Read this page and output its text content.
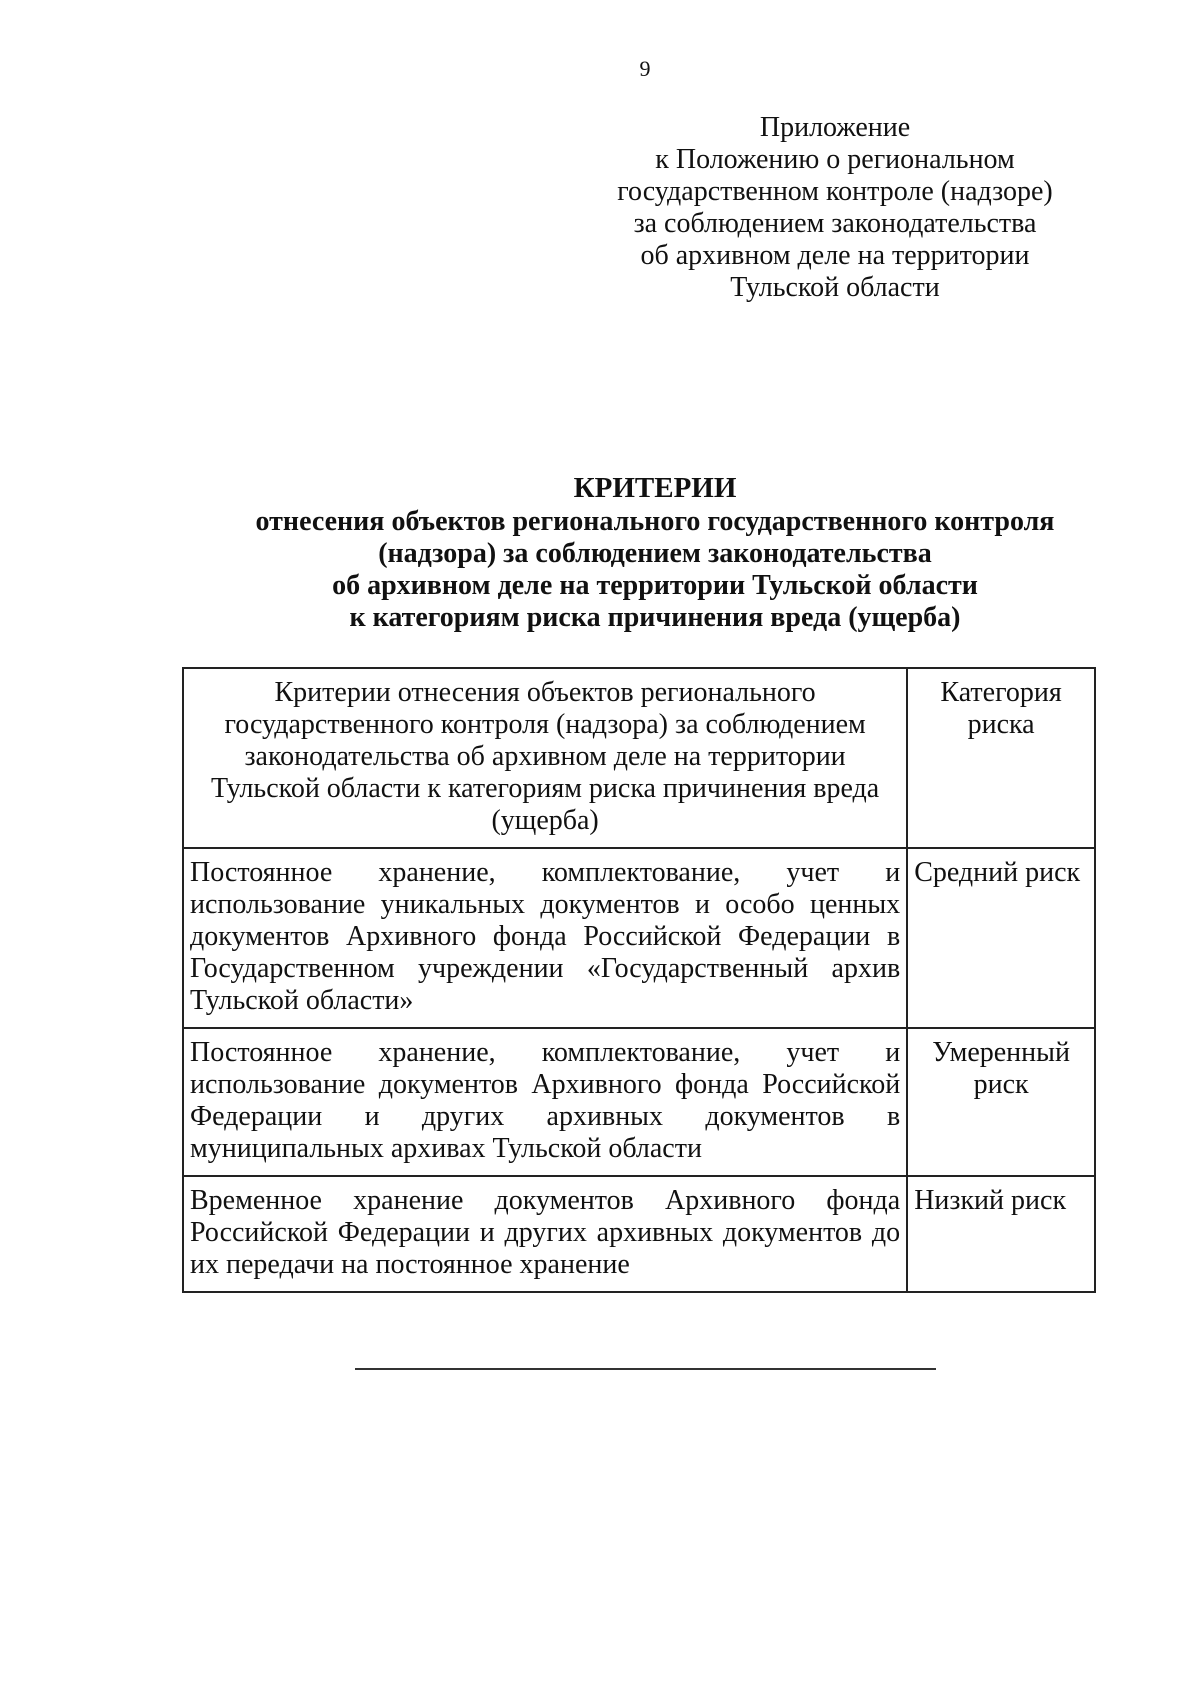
9
Приложение
к Положению о региональном
государственном контроле (надзоре)
за соблюдением законодательства
об архивном деле на территории
Тульской области
КРИТЕРИИ
отнесения объектов регионального государственного контроля
(надзора) за соблюдением законодательства
об архивном деле на территории Тульской области
к категориям риска причинения вреда (ущерба)
Критерии отнесения объектов регионального государственного контроля (надзора) за соблюдением законодательства об архивном деле на территории Тульской области к категориям риска причинения вреда (ущерба)	Категория риска
Постоянное хранение, комплектование, учет и использование уникальных документов и особо ценных документов Архивного фонда Российской Федерации в Государственном учреждении «Государственный архив Тульской области»	Средний риск
Постоянное хранение, комплектование, учет и использование документов Архивного фонда Российской Федерации и других архивных документов в муниципальных архивах Тульской области	Умеренный риск
Временное хранение документов Архивного фонда Российской Федерации и других архивных документов до их передачи на постоянное хранение	Низкий риск
